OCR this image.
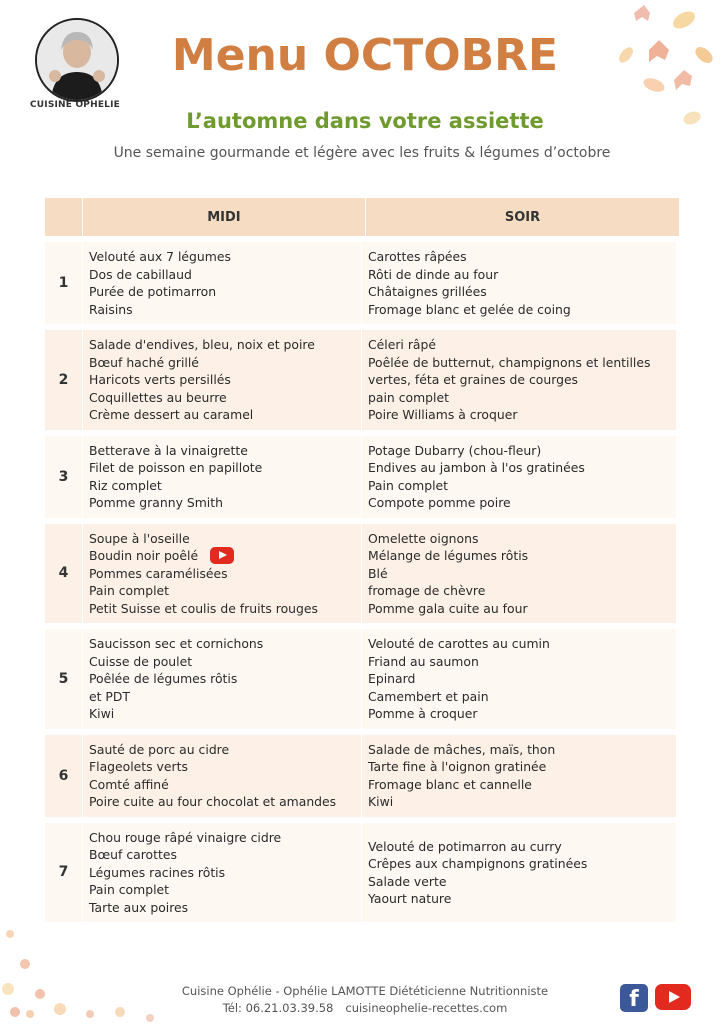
CUISINE OPHELIE
Menu OCTOBRE
L’automne dans votre assiette
Une semaine gourmande et légère avec les fruits & légumes d’octobre
MIDI	SOIR
1
Velouté aux 7 légumes
Dos de cabillaud
Purée de potimarron
Raisins
Carottes râpées
Rôti de dinde au four
Châtaignes grillées
Fromage blanc et gelée de coing
2
Salade d'endives, bleu, noix et poire
Bœuf haché grillé
Haricots verts persillés
Coquillettes au beurre
Crème dessert au caramel
Céleri râpé
Poêlée de butternut, champignons et lentilles
vertes, féta et graines de courges
pain complet
Poire Williams à croquer
3
Betterave à la vinaigrette
Filet de poisson en papillote
Riz complet
Pomme granny Smith
Potage Dubarry (chou-fleur)
Endives au jambon à l'os gratinées
Pain complet
Compote pomme poire
4
Soupe à l'oseille
Boudin noir poêlé
Pommes caramélisées
Pain complet
Petit Suisse et coulis de fruits rouges
Omelette oignons
Mélange de légumes rôtis
Blé
fromage de chèvre
Pomme gala cuite au four
5
Saucisson sec et cornichons
Cuisse de poulet
Poêlée de légumes rôtis
et PDT
Kiwi
Velouté de carottes au cumin
Friand au saumon
Epinard
Camembert et pain
Pomme à croquer
6
Sauté de porc au cidre
Flageolets verts
Comté affiné
Poire cuite au four chocolat et amandes
Salade de mâches, maïs, thon
Tarte fine à l'oignon gratinée
Fromage blanc et cannelle
Kiwi
7
Chou rouge râpé vinaigre cidre
Bœuf carottes
Légumes racines rôtis
Pain complet
Tarte aux poires
Velouté de potimarron au curry
Crêpes aux champignons gratinées
Salade verte
Yaourt nature
Cuisine Ophélie - Ophélie LAMOTTE Diététicienne Nutritionniste
Tél: 06.21.03.39.58 cuisineophelie-recettes.com	f
